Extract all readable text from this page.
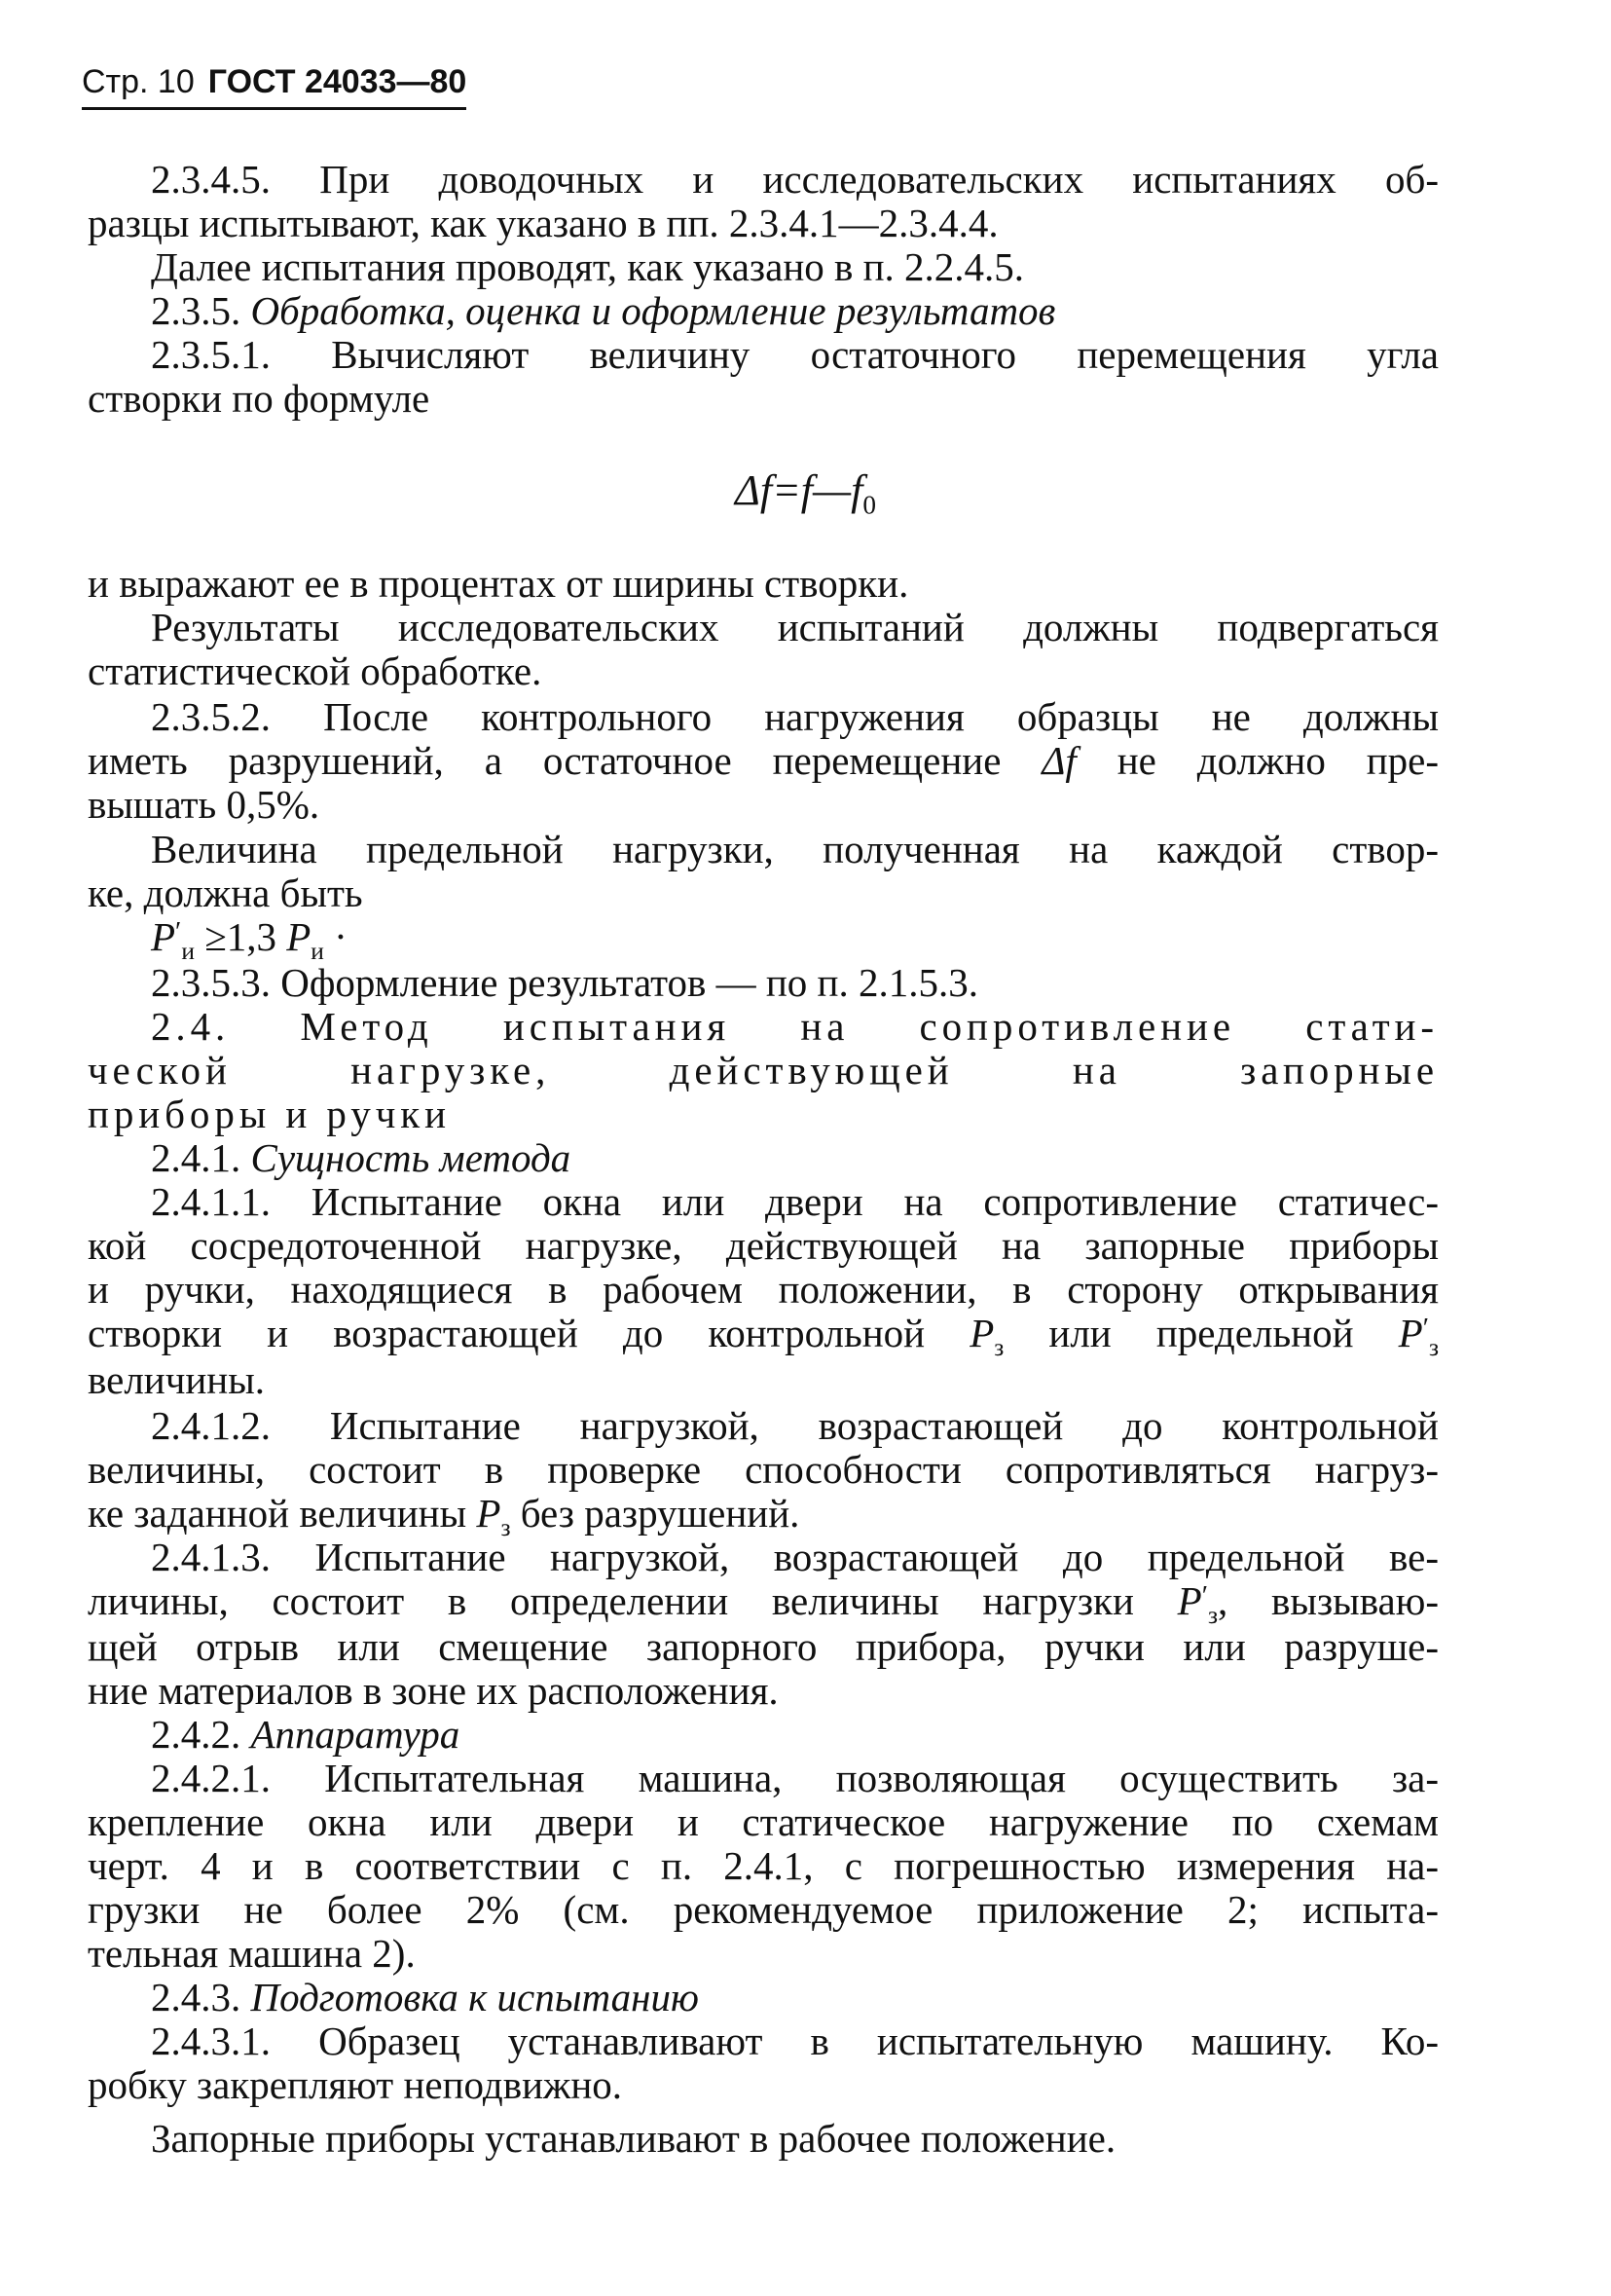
Стр. 10 ГОСТ 24033—80
2.3.4.5. При доводочных и исследовательских испытаниях об-
разцы испытывают, как указано в пп. 2.3.4.1—2.3.4.4.
Далее испытания проводят, как указано в п. 2.2.4.5.
2.3.5. Обработка, оценка и оформление результатов
2.3.5.1. Вычисляют величину остаточного перемещения угла
створки по формуле
$\Delta f=f—f_0$
и выражают ее в процентах от ширины створки.
Результаты исследовательских испытаний должны подвергаться
статистической обработке.
2.3.5.2. После контрольного нагружения образцы не должны
иметь разрушений, а остаточное перемещение Δf не должно пре-
вышать 0,5%.
Величина предельной нагрузки, полученная на каждой створ-
ке, должна быть
$P'_и \ge 1,3$ $P_и$ ·
2.3.5.3. Оформление результатов — по п. 2.1.5.3.
2.4. Метод испытания на сопротивление стати-
ческой нагрузке, действующей на запорные
приборы и ручки
2.4.1. Сущность метода
2.4.1.1. Испытание окна или двери на сопротивление статичес-
кой сосредоточенной нагрузке, действующей на запорные приборы
и ручки, находящиеся в рабочем положении, в сторону открывания
створки и возрастающей до контрольной $P_з$ или предельной $P'_з$
величины.
2.4.1.2. Испытание нагрузкой, возрастающей до контрольной
величины, состоит в проверке способности сопротивляться нагруз-
ке заданной величины $P_з$ без разрушений.
2.4.1.3. Испытание нагрузкой, возрастающей до предельной ве-
личины, состоит в определении величины нагрузки $P'_з$, вызываю-
щей отрыв или смещение запорного прибора, ручки или разруше-
ние материалов в зоне их расположения.
2.4.2. Аппаратура
2.4.2.1. Испытательная машина, позволяющая осуществить за-
крепление окна или двери и статическое нагружение по схемам
черт. 4 и в соответствии с п. 2.4.1, с погрешностью измерения на-
грузки не более 2% (см. рекомендуемое приложение 2; испыта-
тельная машина 2).
2.4.3. Подготовка к испытанию
2.4.3.1. Образец устанавливают в испытательную машину. Ко-
робку закрепляют неподвижно.
Запорные приборы устанавливают в рабочее положение.
